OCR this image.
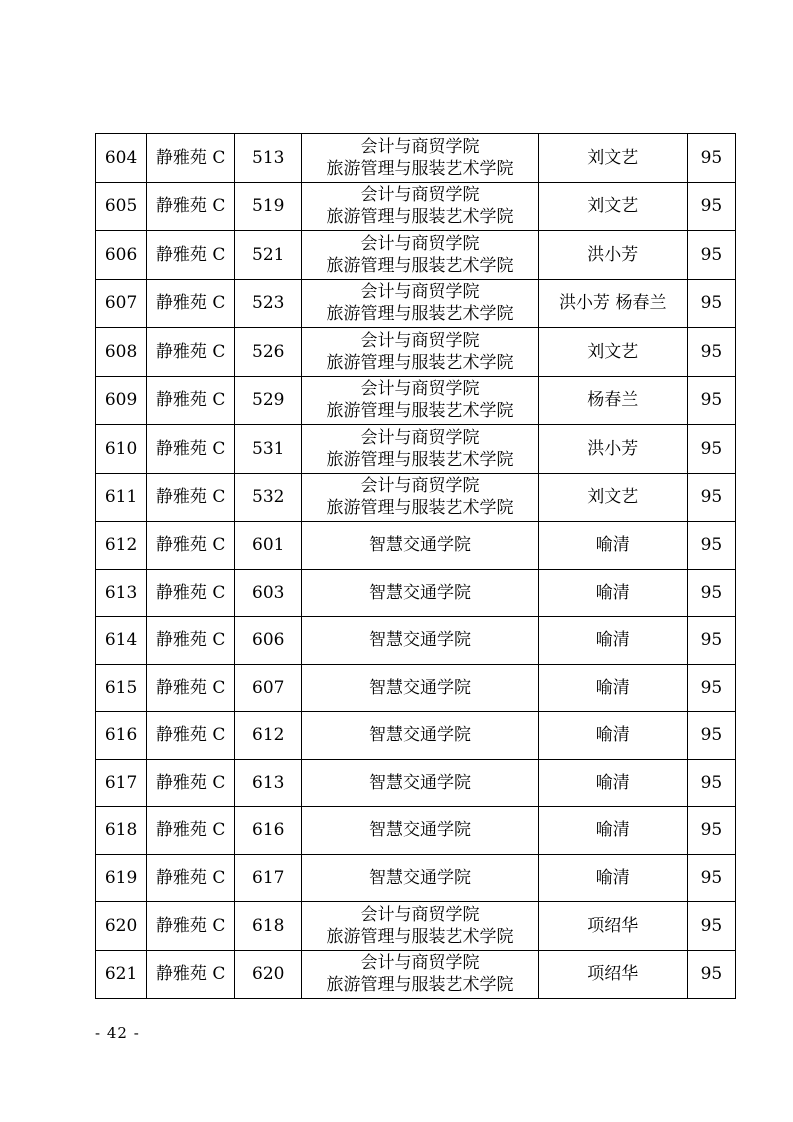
604	静雅苑 C	513	会计与商贸学院
旅游管理与服装艺术学院	刘文艺	95
605	静雅苑 C	519	会计与商贸学院
旅游管理与服装艺术学院	刘文艺	95
606	静雅苑 C	521	会计与商贸学院
旅游管理与服装艺术学院	洪小芳	95
607	静雅苑 C	523	会计与商贸学院
旅游管理与服装艺术学院	洪小芳 杨春兰	95
608	静雅苑 C	526	会计与商贸学院
旅游管理与服装艺术学院	刘文艺	95
609	静雅苑 C	529	会计与商贸学院
旅游管理与服装艺术学院	杨春兰	95
610	静雅苑 C	531	会计与商贸学院
旅游管理与服装艺术学院	洪小芳	95
611	静雅苑 C	532	会计与商贸学院
旅游管理与服装艺术学院	刘文艺	95
612	静雅苑 C	601	智慧交通学院	喻清	95
613	静雅苑 C	603	智慧交通学院	喻清	95
614	静雅苑 C	606	智慧交通学院	喻清	95
615	静雅苑 C	607	智慧交通学院	喻清	95
616	静雅苑 C	612	智慧交通学院	喻清	95
617	静雅苑 C	613	智慧交通学院	喻清	95
618	静雅苑 C	616	智慧交通学院	喻清	95
619	静雅苑 C	617	智慧交通学院	喻清	95
620	静雅苑 C	618	会计与商贸学院
旅游管理与服装艺术学院	项绍华	95
621	静雅苑 C	620	会计与商贸学院
旅游管理与服装艺术学院	项绍华	95
- 42 -
